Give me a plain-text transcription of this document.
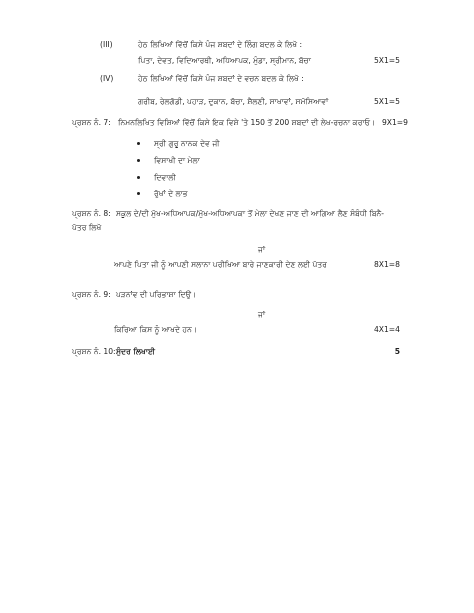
(III)	ਹੇਠ ਲਿਖਿਆਂ ਵਿੱਚੋਂ ਕਿਸੇ ਪੰਜ ਸ਼ਬਦਾਂ ਦੇ ਲਿੰਗ ਬਦਲ ਕੇ ਲਿਖੋ :
ਪਿਤਾ, ਦੇਵਤ, ਵਿਦਿਆਰਥੀ, ਅਧਿਆਪਕ, ਮੁੰਡਾ, ਸ੍ਰੀਮਾਨ, ਬੱਚਾ	5X1=5
(IV)	ਹੇਠ ਲਿਖਿਆਂ ਵਿੱਚੋਂ ਕਿਸੇ ਪੰਜ ਸ਼ਬਦਾਂ ਦੇ ਵਚਨ ਬਦਲ ਕੇ ਲਿਖੋ :
ਗਰੀਬ, ਰੇਲਗੱਡੀ, ਪਹਾੜ, ਦੁਕਾਨ, ਬੱਚਾ, ਸ਼ੈਲਣੀ, ਸਾਖਾਵਾਂ, ਸਮੱਸਿਆਵਾਂ	5X1=5
ਪ੍ਰਸ਼ਨ ਨੰ. 7: ਨਿਮਨਲਿਖਿਤ ਵਿਸ਼ਿਆਂ ਵਿੱਚੋਂ ਕਿਸੇ ਇਕ ਵਿਸ਼ੇ 'ਤੇ 150 ਤੋਂ 200 ਸ਼ਬਦਾਂ ਦੀ ਲੇਖ-ਰਚਨਾ ਕਰਾਓ। 9X1=9
ਸ੍ਰੀ ਗੁਰੂ ਨਾਨਕ ਦੇਵ ਜੀ
ਵਿਸਾਖੀ ਦਾ ਮੇਲਾ
ਦਿਵਾਲੀ
ਰੁੱਖਾਂ ਦੇ ਲਾਭ
ਪ੍ਰਸ਼ਨ ਨੰ. 8: ਸਕੂਲ ਦੇ/ਦੀ ਮੁੱਖ-ਅਧਿਆਪਕ/ਮੁੱਖ-ਅਧਿਆਪਕਾ ਤੋਂ ਮੇਲਾ ਦੇਖਣ ਜਾਣ ਦੀ ਆਗਿਆ ਲੈਣ ਸੰਬੰਧੀ ਬਿਨੈ-
ਪੱਤਰ ਲਿਖੋ
ਜਾਂ
ਆਪਣੇ ਪਿਤਾ ਜੀ ਨੂੰ ਆਪਣੀ ਸਲਾਨਾ ਪਰੀਖਿਆ ਬਾਰੇ ਜਾਣਕਾਰੀ ਦੇਣ ਲਈ ਪੱਤਰ	8X1=8
ਪ੍ਰਸ਼ਨ ਨੰ. 9: ਪੜਨਾਂਵ ਦੀ ਪਰਿਭਾਸ਼ਾ ਦਿਉ।
ਜਾਂ
ਕਿਰਿਆ ਕਿਸ ਨੂੰ ਆਖਦੇ ਹਨ।	4X1=4
ਪ੍ਰਸ਼ਨ ਨੰ. 10: ਸੁੰਦਰ ਲਿਖਾਈ	5
